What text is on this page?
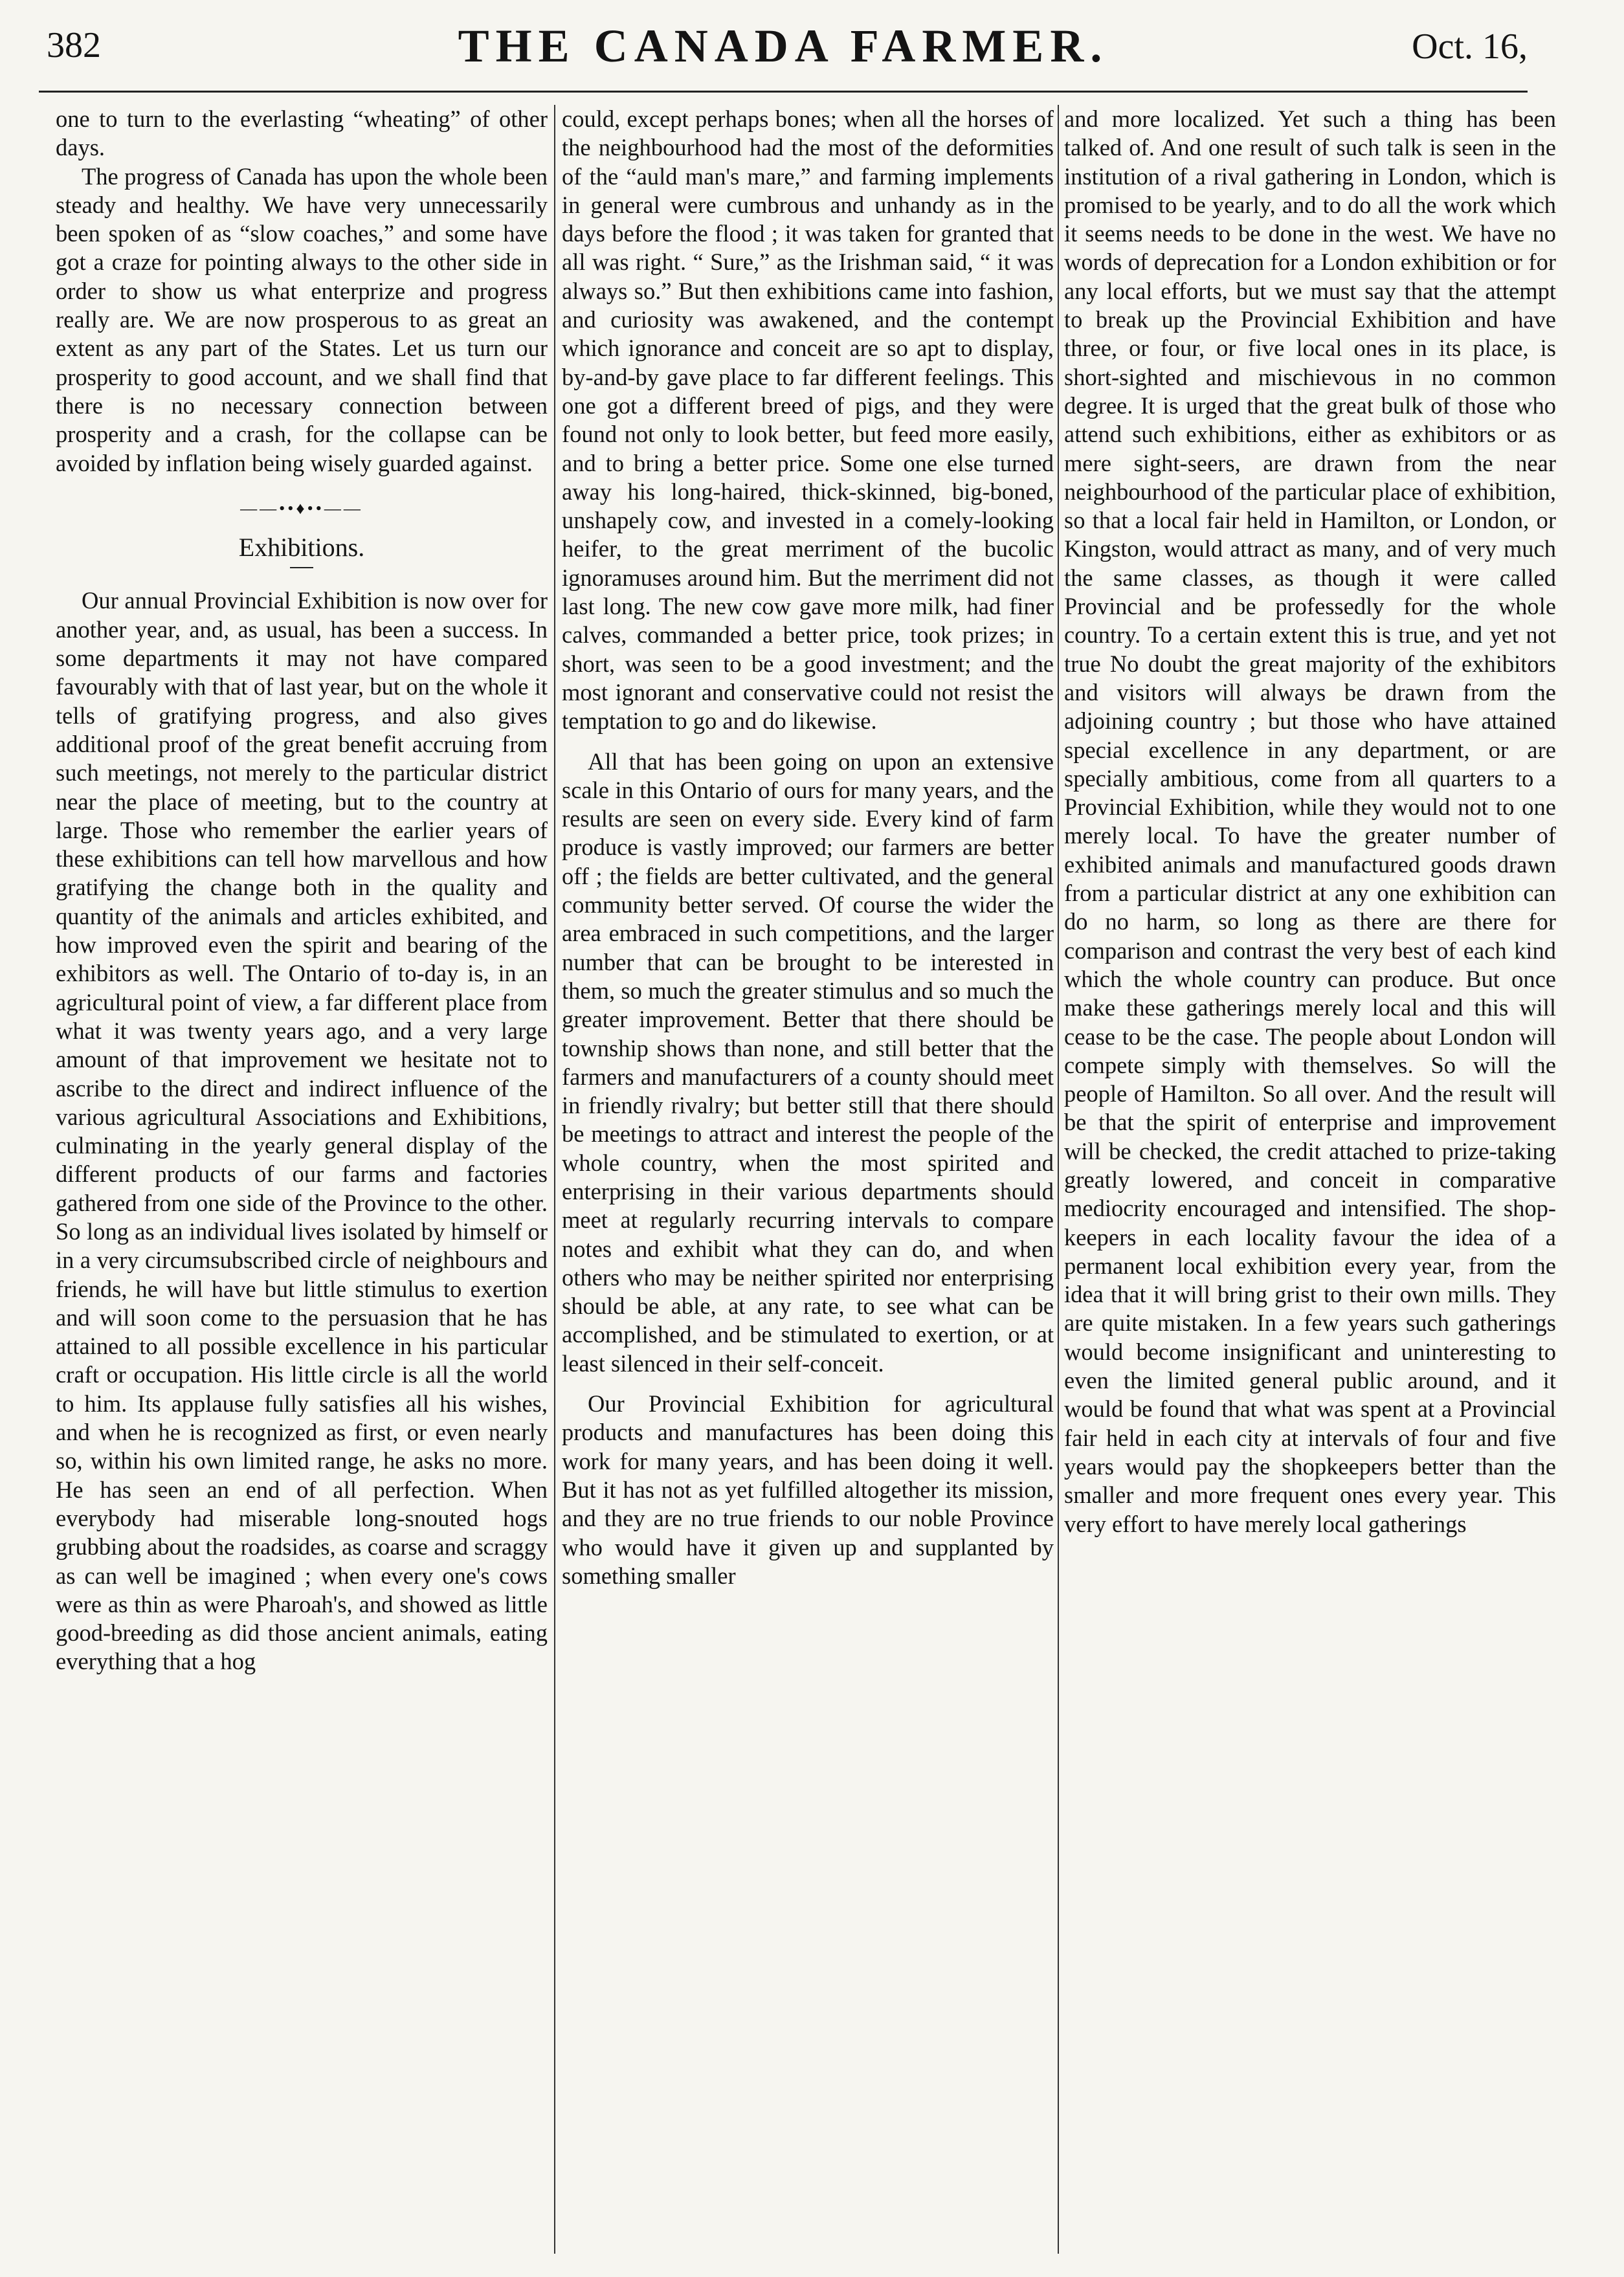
382	THE CANADA FARMER.	Oct. 16,

one to turn to the everlasting “wheating” of other days.

The progress of Canada has upon the whole been steady and healthy. We have very unnecessarily been spoken of as “slow coaches,” and some have got a craze for pointing always to the other side in order to show us what enterprize and progress really are. We are now prosperous to as great an extent as any part of the States. Let us turn our prosperity to good account, and we shall find that there is no necessary connection between prosperity and a crash, for the collapse can be avoided by inflation being wisely guarded against.

——••♦••——
Exhibitions.

Our annual Provincial Exhibition is now over for another year, and, as usual, has been a success. In some departments it may not have compared favourably with that of last year, but on the whole it tells of gratifying progress, and also gives additional proof of the great benefit accruing from such meetings, not merely to the particular district near the place of meeting, but to the country at large. Those who remember the earlier years of these exhibitions can tell how marvellous and how gratifying the change both in the quality and quantity of the animals and articles exhibited, and how improved even the spirit and bearing of the exhibitors as well. The Ontario of to-day is, in an agricultural point of view, a far different place from what it was twenty years ago, and a very large amount of that improvement we hesitate not to ascribe to the direct and indirect influence of the various agricultural Associations and Exhibitions, culminating in the yearly general display of the different products of our farms and factories gathered from one side of the Province to the other. So long as an individual lives isolated by himself or in a very circumsubscribed circle of neighbours and friends, he will have but little stimulus to exertion and will soon come to the persuasion that he has attained to all possible excellence in his particular craft or occupation. His little circle is all the world to him. Its applause fully satisfies all his wishes, and when he is recognized as first, or even nearly so, within his own limited range, he asks no more. He has seen an end of all perfection. When everybody had miserable long-snouted hogs grubbing about the roadsides, as coarse and scraggy as can well be imagined ; when every one's cows were as thin as were Pharoah's, and showed as little good-breeding as did those ancient animals, eating everything that a hog

could, except perhaps bones; when all the horses of the neighbourhood had the most of the deformities of the “auld man's mare,” and farming implements in general were cumbrous and unhandy as in the days before the flood ; it was taken for granted that all was right. “ Sure,” as the Irishman said, “ it was always so.” But then exhibitions came into fashion, and curiosity was awakened, and the contempt which ignorance and conceit are so apt to display, by-and-by gave place to far different feelings. This one got a different breed of pigs, and they were found not only to look better, but feed more easily, and to bring a better price. Some one else turned away his long-haired, thick-skinned, big-boned, unshapely cow, and invested in a comely-looking heifer, to the great merriment of the bucolic ignoramuses around him. But the merriment did not last long. The new cow gave more milk, had finer calves, commanded a better price, took prizes; in short, was seen to be a good investment; and the most ignorant and conservative could not resist the temptation to go and do likewise.

All that has been going on upon an extensive scale in this Ontario of ours for many years, and the results are seen on every side. Every kind of farm produce is vastly improved; our farmers are better off ; the fields are better cultivated, and the general community better served. Of course the wider the area embraced in such competitions, and the larger number that can be brought to be interested in them, so much the greater stimulus and so much the greater improvement. Better that there should be township shows than none, and still better that the farmers and manufacturers of a county should meet in friendly rivalry; but better still that there should be meetings to attract and interest the people of the whole country, when the most spirited and enterprising in their various departments should meet at regularly recurring intervals to compare notes and exhibit what they can do, and when others who may be neither spirited nor enterprising should be able, at any rate, to see what can be accomplished, and be stimulated to exertion, or at least silenced in their self-conceit.

Our Provincial Exhibition for agricultural products and manufactures has been doing this work for many years, and has been doing it well. But it has not as yet fulfilled altogether its mission, and they are no true friends to our noble Province who would have it given up and supplanted by something smaller

and more localized. Yet such a thing has been talked of. And one result of such talk is seen in the institution of a rival gathering in London, which is promised to be yearly, and to do all the work which it seems needs to be done in the west. We have no words of deprecation for a London exhibition or for any local efforts, but we must say that the attempt to break up the Provincial Exhibition and have three, or four, or five local ones in its place, is short-sighted and mischievous in no common degree. It is urged that the great bulk of those who attend such exhibitions, either as exhibitors or as mere sight-seers, are drawn from the near neighbourhood of the particular place of exhibition, so that a local fair held in Hamilton, or London, or Kingston, would attract as many, and of very much the same classes, as though it were called Provincial and be professedly for the whole country. To a certain extent this is true, and yet not true No doubt the great majority of the exhibitors and visitors will always be drawn from the adjoining country ; but those who have attained special excellence in any department, or are specially ambitious, come from all quarters to a Provincial Exhibition, while they would not to one merely local. To have the greater number of exhibited animals and manufactured goods drawn from a particular district at any one exhibition can do no harm, so long as there are there for comparison and contrast the very best of each kind which the whole country can produce. But once make these gatherings merely local and this will cease to be the case. The people about London will compete simply with themselves. So will the people of Hamilton. So all over. And the result will be that the spirit of enterprise and improvement will be checked, the credit attached to prize-taking greatly lowered, and conceit in comparative mediocrity encouraged and intensified. The shop-keepers in each locality favour the idea of a permanent local exhibition every year, from the idea that it will bring grist to their own mills. They are quite mistaken. In a few years such gatherings would become insignificant and uninteresting to even the limited general public around, and it would be found that what was spent at a Provincial fair held in each city at intervals of four and five years would pay the shopkeepers better than the smaller and more frequent ones every year. This very effort to have merely local gatherings
